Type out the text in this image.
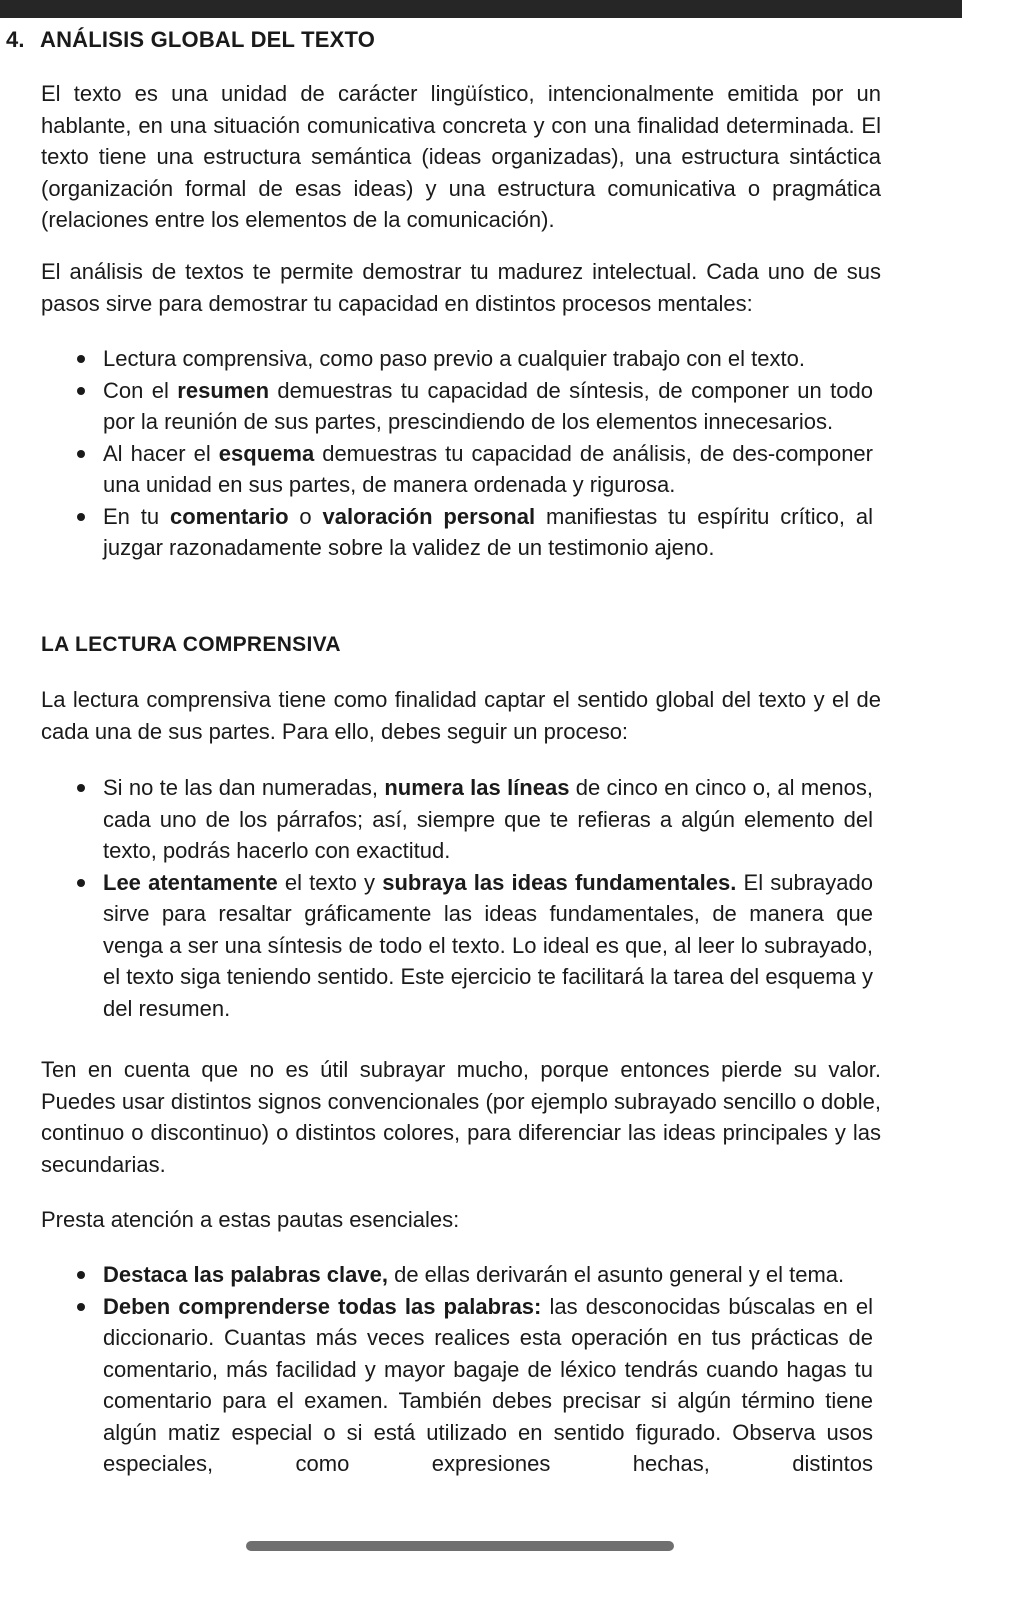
4. ANÁLISIS GLOBAL DEL TEXTO

El texto es una unidad de carácter lingüístico, intencionalmente emitida por un hablante, en una situación comunicativa concreta y con una finalidad determinada. El texto tiene una estructura semántica (ideas organizadas), una estructura sintáctica (organización formal de esas ideas) y una estructura comunicativa o pragmática (relaciones entre los elementos de la comunicación).

El análisis de textos te permite demostrar tu madurez intelectual. Cada uno de sus pasos sirve para demostrar tu capacidad en distintos procesos mentales:

Lectura comprensiva, como paso previo a cualquier trabajo con el texto.
Con el resumen demuestras tu capacidad de síntesis, de componer un todo por la reunión de sus partes, prescindiendo de los elementos innecesarios.
Al hacer el esquema demuestras tu capacidad de análisis, de des-componer una unidad en sus partes, de manera ordenada y rigurosa.
En tu comentario o valoración personal manifiestas tu espíritu crítico, al juzgar razonadamente sobre la validez de un testimonio ajeno.
LA LECTURA COMPRENSIVA

La lectura comprensiva tiene como finalidad captar el sentido global del texto y el de cada una de sus partes. Para ello, debes seguir un proceso:

Si no te las dan numeradas, numera las líneas de cinco en cinco o, al menos, cada uno de los párrafos; así, siempre que te refieras a algún elemento del texto, podrás hacerlo con exactitud.
Lee atentamente el texto y subraya las ideas fundamentales. El subrayado sirve para resaltar gráficamente las ideas fundamentales, de manera que venga a ser una síntesis de todo el texto. Lo ideal es que, al leer lo subrayado, el texto siga teniendo sentido. Este ejercicio te facilitará la tarea del esquema y del resumen.

Ten en cuenta que no es útil subrayar mucho, porque entonces pierde su valor. Puedes usar distintos signos convencionales (por ejemplo subrayado sencillo o doble, continuo o discontinuo) o distintos colores, para diferenciar las ideas principales y las secundarias.

Presta atención a estas pautas esenciales:

Destaca las palabras clave, de ellas derivarán el asunto general y el tema.
Deben comprenderse todas las palabras: las desconocidas búscalas en el diccionario. Cuantas más veces realices esta operación en tus prácticas de comentario, más facilidad y mayor bagaje de léxico tendrás cuando hagas tu comentario para el examen. También debes precisar si algún término tiene algún matiz especial o si está utilizado en sentido figurado. Observa usos especiales, como expresiones hechas, distintos
